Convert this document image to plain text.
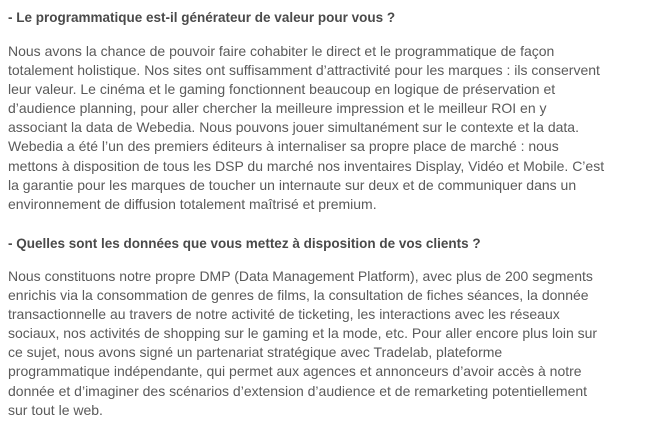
- Le programmatique est-il générateur de valeur pour vous ?

Nous avons la chance de pouvoir faire cohabiter le direct et le programmatique de façon
totalement holistique. Nos sites ont suffisamment d’attractivité pour les marques : ils conservent
leur valeur. Le cinéma et le gaming fonctionnent beaucoup en logique de préservation et
d’audience planning, pour aller chercher la meilleure impression et le meilleur ROI en y
associant la data de Webedia. Nous pouvons jouer simultanément sur le contexte et la data.
Webedia a été l’un des premiers éditeurs à internaliser sa propre place de marché : nous
mettons à disposition de tous les DSP du marché nos inventaires Display, Vidéo et Mobile. C’est
la garantie pour les marques de toucher un internaute sur deux et de communiquer dans un
environnement de diffusion totalement maîtrisé et premium.

- Quelles sont les données que vous mettez à disposition de vos clients ?

Nous constituons notre propre DMP (Data Management Platform), avec plus de 200 segments
enrichis via la consommation de genres de films, la consultation de fiches séances, la donnée
transactionnelle au travers de notre activité de ticketing, les interactions avec les réseaux
sociaux, nos activités de shopping sur le gaming et la mode, etc. Pour aller encore plus loin sur
ce sujet, nous avons signé un partenariat stratégique avec Tradelab, plateforme
programmatique indépendante, qui permet aux agences et annonceurs d’avoir accès à notre
donnée et d’imaginer des scénarios d’extension d’audience et de remarketing potentiellement
sur tout le web.
